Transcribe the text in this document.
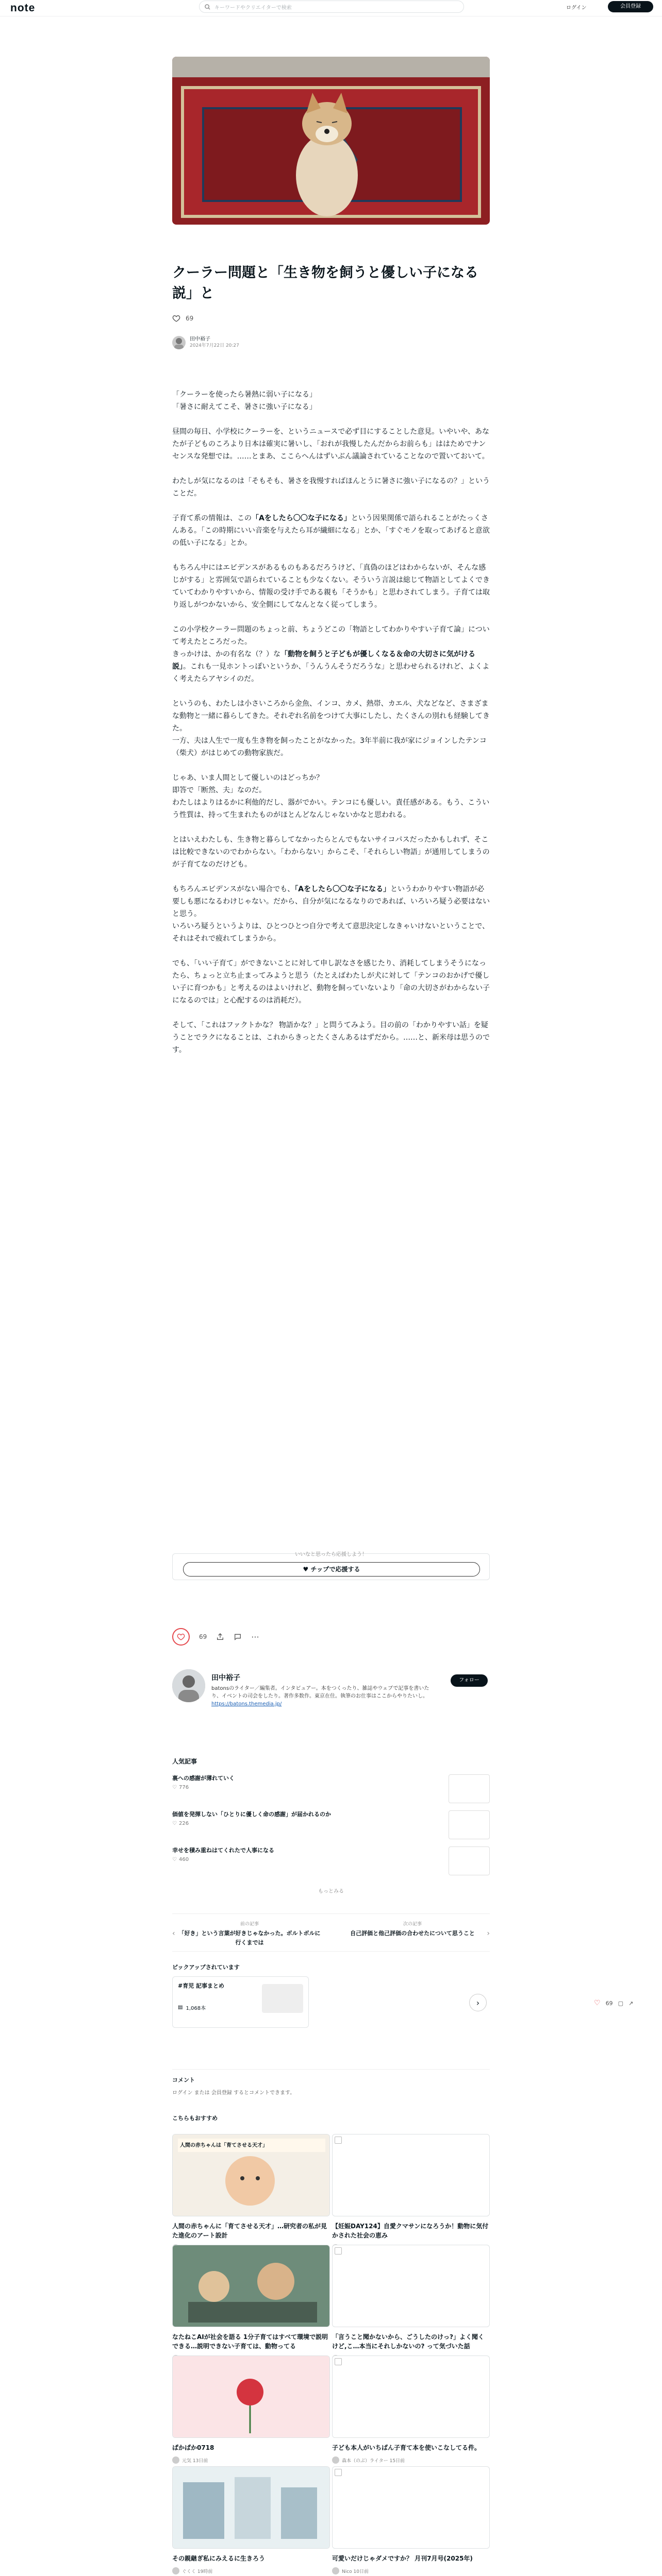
note	キーワードやクリエイターで検索	ログイン	会員登録
クーラー問題と「生き物を飼うと優しい子になる説」と
69
田中裕子
2024年7月22日 20:27

「クーラーを使ったら暑熱に弱い子になる」
「暑さに耐えてこそ、暑さに強い子になる」

昼間の毎日、小学校にクーラーを、というニュースで必ず目にすることした意見。いやいや、あなたが子どものころより日本は確実に暑いし、「おれが我慢したんだからお前らも」ははためでナンセンスな発想では。……とまあ、ここらへんはずいぶん議論されていることなので置いておいて。

わたしが気になるのは「そもそも、暑さを我慢すればほんとうに暑さに強い子になるの？」ということだ。

子育て系の情報は、この「Aをしたら〇〇な子になる」という因果関係で語られることがたっくさんある。「この時期にいい音楽を与えたら耳が繊細になる」とか、「すぐモノを取ってあげると意欲の低い子になる」とか。

もちろん中にはエビデンスがあるものもあるだろうけど、「真偽のほどはわからないが、そんな感じがする」と雰囲気で語られていることも少なくない。そういう言説は総じて物語としてよくできていてわかりやすいから、情報の受け手である親も「そうかも」と思わされてしまう。子育ては取り返しがつかないから、安全側にしてなんとなく従ってしまう。

この小学校クーラー問題のちょっと前、ちょうどこの「物語としてわかりやすい子育て論」について考えたところだった。
きっかけは、かの有名な（？）な「動物を飼うと子どもが優しくなる＆命の大切さに気がける説」。これも一見ホントっぽいというか、「うんうんそうだろうな」と思わせられるけれど、よくよく考えたらアヤシイのだ。

というのも、わたしは小さいころから金魚、インコ、カメ、熱帯、カエル、犬などなど、さまざまな動物と一緒に暮らしてきた。それぞれ名前をつけて大事にしたし、たくさんの別れも経験してきた。
一方、夫は人生で一度も生き物を飼ったことがなかった。3年半前に我が家にジョインしたテンコ（柴犬）がはじめての動物家族だ。

じゃあ、いま人間として優しいのはどっちか？
即答で「断然、夫」なのだ。
わたしはよりはるかに利他的だし、器がでかい。テンコにも優しい。責任感がある。もう、こういう性質は、持って生まれたものがほとんどなんじゃないかなと思われる。

とはいえわたしも、生き物と暮らしてなかったらとんでもないサイコパスだったかもしれず、そこは比較できないのでわからない。「わからない」からこそ、「それらしい物語」が通用してしまうのが子育てなのだけども。

もちろんエビデンスがない場合でも、「Aをしたら〇〇な子になる」というわかりやすい物語が必要しも悪になるわけじゃない。だから、自分が気になるなりのであれば、いろいろ疑う必要はないと思う。
いろいろ疑うというよりは、ひとつひとつ自分で考えて意思決定しなきゃいけないということで、それはそれで疲れてしまうから。

でも、「いい子育て」ができないことに対して申し訳なさを感じたり、消耗してしまうそうになったら、ちょっと立ち止まってみようと思う（たとえばわたしが犬に対して「テンコのおかげで優しい子に育つかも」と考えるのはよいけれど、動物を飼っていないより「命の大切さがわからない子になるのでは」と心配するのは消耗だ）。

そして、「これはファクトかな？ 物語かな？」と問うてみよう。目の前の「わかりやすい話」を疑うことでラクになることは、これからきっとたくさんあるはずだから。……と、新米母は思うのです。

いいなと思ったら応援しよう！
♥ チップで応援する
69	···
田中裕子
batonsのライター／編集者。インタビュアー。本をつくったり、雑誌やウェブで記事を書いたり、イベントの司会をしたり。著作多数作。東京在住。執筆のお仕事はここからやりたいし。
https://batons.themedia.jp/
フォロー
人気記事
裏への感謝が薄れていく
♡ 776
価値を発揮しない「ひとりに優しく命の感謝」が届かれるのか
♡ 226
幸せを積み重ねはてくれたで人事になる
♡ 460
もっとみる
前の記事
「好き」という言葉が好きじゃなかった。ボルトボルに行くまでは
次の記事
自己評価と他己評価の合わせたについて思うこと
‹	›
ピックアップされています
#育児 記事まとめ
▤ 1,068本
›
コメント
ログイン または 会員登録 するとコメントできます。
こちらもおすすめ
人間の赤ちゃんは「育てさせる天才」
人間の赤ちゃんに「育てさせる天才」…研究者の私が見た進化のアート設計
【妊娠DAY124】自愛クマサンになろうか！動物に気付かされた社会の恵み
なたねこAIが社会を語る 1分子育てはすべて環境で説明できる…説明できない子育ては、動物ってる
「言うこと聞かないから、ごうしたのけっ?」よく聞くけど,こ…本当にそれしかないの? って気づいた話
ぱかぱか0718
元気 13日前
子ども本人がいちばん子育て本を使いこなしてる件。
森本（のぶ）ライター 15日前
その親継ぎ私にみえるに生きろう
ぐくく 19時前
可愛いだけじゃダメですか？ 月刊7月号(2025年)
Nico 10日前
♡ 69 ▢ ↗
